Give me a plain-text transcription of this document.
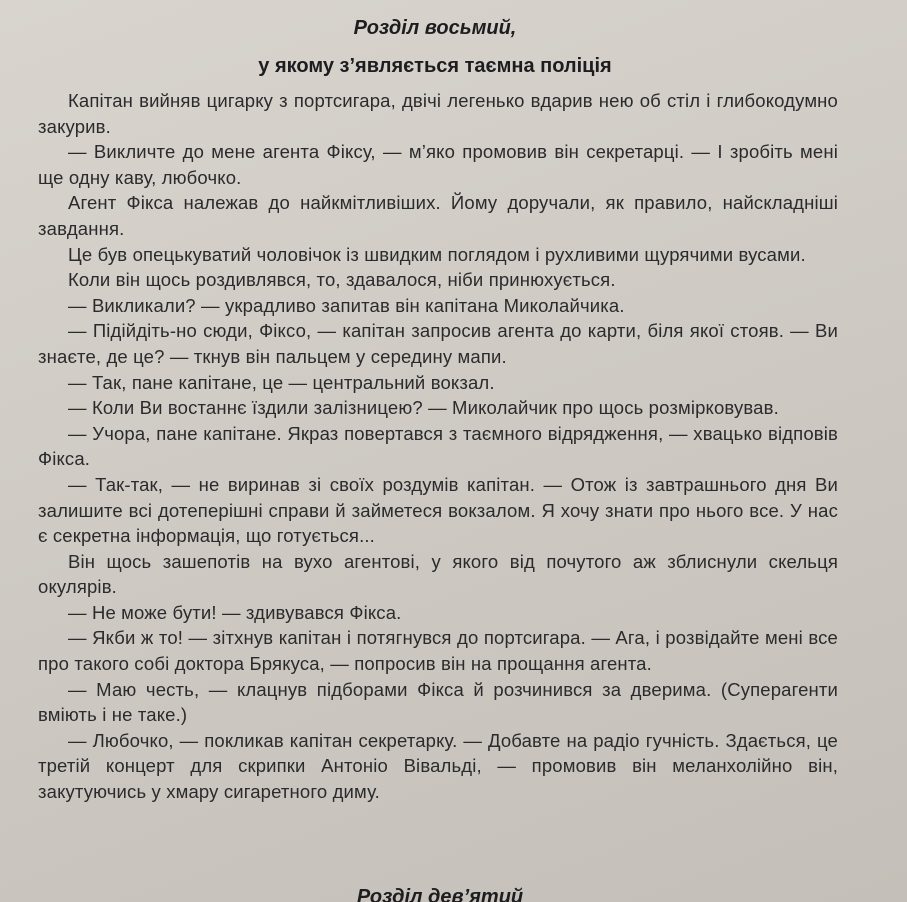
Розділ восьмий,
у якому з’являється таємна поліція

Капітан вийняв цигарку з портсигара, двічі легенько вдарив нею об стіл і глибокодумно закурив.

— Викличте до мене агента Фіксу, — м’яко промовив він секретарці. — І зробіть мені ще одну каву, любочко.

Агент Фікса належав до найкмітливіших. Йому доручали, як правило, найскладніші завдання.

Це був опецькуватий чоловічок із швидким поглядом і рухливими щурячими вусами.

Коли він щось роздивлявся, то, здавалося, ніби принюхується.

— Викликали? — украдливо запитав він капітана Миколайчика.

— Підійдіть-но сюди, Фіксо, — капітан запросив агента до карти, біля якої стояв. — Ви знаєте, де це? — ткнув він пальцем у середину мапи.

— Так, пане капітане, це — центральний вокзал.

— Коли Ви востаннє їздили залізницею? — Миколайчик про щось розмірковував.

— Учора, пане капітане. Якраз повертався з таємного відрядження, — хвацько відповів Фікса.

— Так-так, — не виринав зі своїх роздумів капітан. — Отож із завтрашнього дня Ви залишите всі дотеперішні справи й займетеся вокзалом. Я хочу знати про нього все. У нас є секретна інформація, що готується...

Він щось зашепотів на вухо агентові, у якого від почутого аж зблиснули скельця окулярів.

— Не може бути! — здивувався Фікса.

— Якби ж то! — зітхнув капітан і потягнувся до портсигара. — Ага, і розвідайте мені все про такого собі доктора Брякуса, — попросив він на прощання агента.

— Маю честь, — клацнув підборами Фікса й розчинився за дверима. (Суперагенти вміють і не таке.)

— Любочко, — покликав капітан секретарку. — Добавте на радіо гучність. Здається, це третій концерт для скрипки Антоніо Вівальді, — промовив він меланхолійно він, закутуючись у хмару сигаретного диму.

Розділ дев’ятий
